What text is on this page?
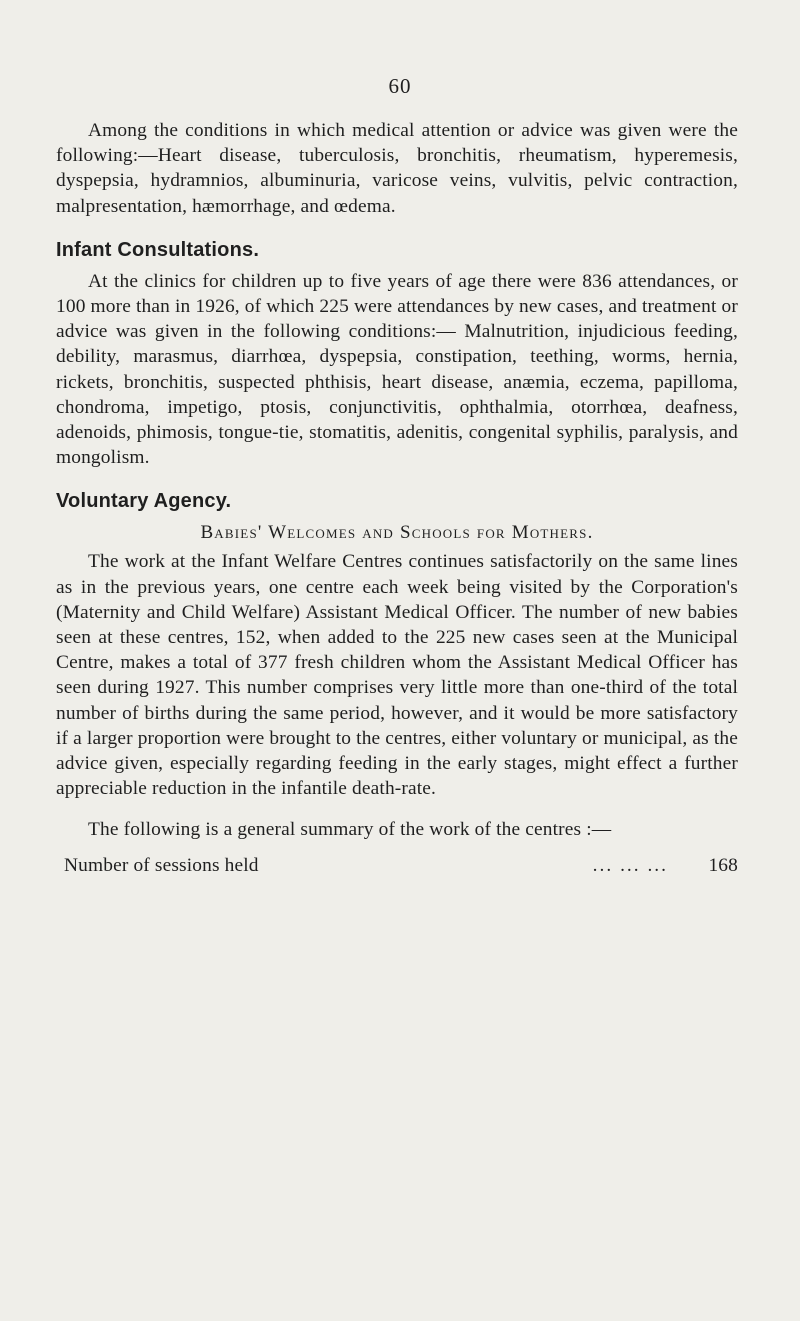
60

Among the conditions in which medical attention or advice was given were the following:—Heart disease, tuberculosis, bronchitis, rheumatism, hyperemesis, dyspepsia, hydramnios, albuminuria, varicose veins, vulvitis, pelvic contraction, malpresentation, hæmorrhage, and œdema.

Infant Consultations.

At the clinics for children up to five years of age there were 836 attendances, or 100 more than in 1926, of which 225 were attendances by new cases, and treatment or advice was given in the following conditions:— Malnutrition, injudicious feeding, debility, marasmus, diarrhœa, dyspepsia, constipation, teething, worms, hernia, rickets, bronchitis, suspected phthisis, heart disease, anæmia, eczema, papilloma, chondroma, impetigo, ptosis, conjunctivitis, ophthalmia, otorrhœa, deafness, adenoids, phimosis, tongue-tie, stomatitis, adenitis, congenital syphilis, paralysis, and mongolism.

Voluntary Agency.
Babies' Welcomes and Schools for Mothers.

The work at the Infant Welfare Centres continues satisfactorily on the same lines as in the previous years, one centre each week being visited by the Corporation's (Maternity and Child Welfare) Assistant Medical Officer. The number of new babies seen at these centres, 152, when added to the 225 new cases seen at the Municipal Centre, makes a total of 377 fresh children whom the Assistant Medical Officer has seen during 1927. This number comprises very little more than one-third of the total number of births during the same period, however, and it would be more satisfactory if a larger proportion were brought to the centres, either voluntary or municipal, as the advice given, especially regarding feeding in the early stages, might effect a further appreciable reduction in the infantile death-rate.

The following is a general summary of the work of the centres :—

Number of sessions held	... ... ...	168
